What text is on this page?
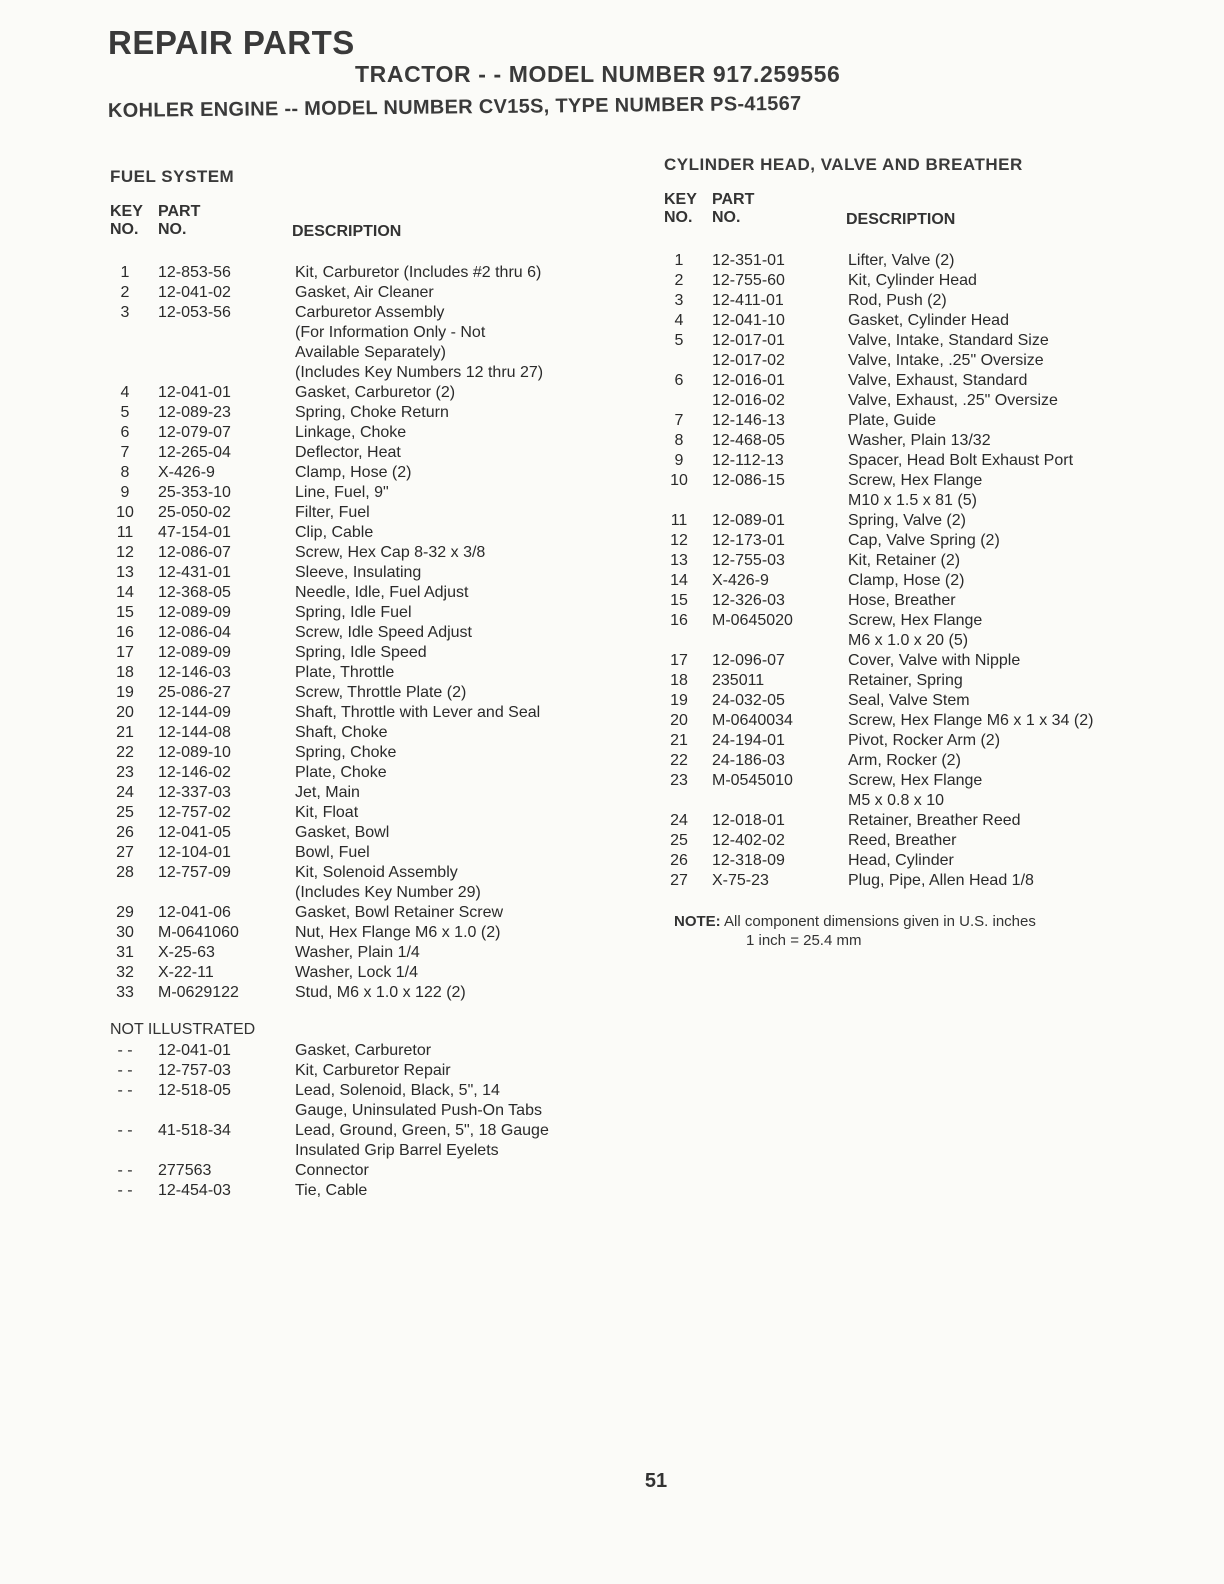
REPAIR PARTS
TRACTOR - - MODEL NUMBER 917.259556
KOHLER ENGINE -- MODEL NUMBER CV15S, TYPE NUMBER PS-41567
FUEL SYSTEM
KEY
NO.
PART
NO.	DESCRIPTION
1	12-853-56	Kit, Carburetor (Includes #2 thru 6)
2	12-041-02	Gasket, Air Cleaner
3	12-053-56	Carburetor Assembly
(For Information Only - Not
Available Separately)
(Includes Key Numbers 12 thru 27)
4	12-041-01	Gasket, Carburetor (2)
5	12-089-23	Spring, Choke Return
6	12-079-07	Linkage, Choke
7	12-265-04	Deflector, Heat
8	X-426-9	Clamp, Hose (2)
9	25-353-10	Line, Fuel, 9"
10	25-050-02	Filter, Fuel
11	47-154-01	Clip, Cable
12	12-086-07	Screw, Hex Cap 8-32 x 3/8
13	12-431-01	Sleeve, Insulating
14	12-368-05	Needle, Idle, Fuel Adjust
15	12-089-09	Spring, Idle Fuel
16	12-086-04	Screw, Idle Speed Adjust
17	12-089-09	Spring, Idle Speed
18	12-146-03	Plate, Throttle
19	25-086-27	Screw, Throttle Plate (2)
20	12-144-09	Shaft, Throttle with Lever and Seal
21	12-144-08	Shaft, Choke
22	12-089-10	Spring, Choke
23	12-146-02	Plate, Choke
24	12-337-03	Jet, Main
25	12-757-02	Kit, Float
26	12-041-05	Gasket, Bowl
27	12-104-01	Bowl, Fuel
28	12-757-09	Kit, Solenoid Assembly
(Includes Key Number 29)
29	12-041-06	Gasket, Bowl Retainer Screw
30	M-0641060	Nut, Hex Flange M6 x 1.0 (2)
31	X-25-63	Washer, Plain 1/4
32	X-22-11	Washer, Lock 1/4
33	M-0629122	Stud, M6 x 1.0 x 122 (2)
NOT ILLUSTRATED
- -	12-041-01	Gasket, Carburetor
- -	12-757-03	Kit, Carburetor Repair
- -	12-518-05	Lead, Solenoid, Black, 5", 14
Gauge, Uninsulated Push-On Tabs
- -	41-518-34	Lead, Ground, Green, 5", 18 Gauge
Insulated Grip Barrel Eyelets
- -	277563	Connector
- -	12-454-03	Tie, Cable
CYLINDER HEAD, VALVE AND BREATHER
KEY
NO.
PART
NO.	DESCRIPTION
1	12-351-01	Lifter, Valve (2)
2	12-755-60	Kit, Cylinder Head
3	12-411-01	Rod, Push (2)
4	12-041-10	Gasket, Cylinder Head
5	12-017-01	Valve, Intake, Standard Size
12-017-02	Valve, Intake, .25" Oversize
6	12-016-01	Valve, Exhaust, Standard
12-016-02	Valve, Exhaust, .25" Oversize
7	12-146-13	Plate, Guide
8	12-468-05	Washer, Plain 13/32
9	12-112-13	Spacer, Head Bolt Exhaust Port
10	12-086-15	Screw, Hex Flange
M10 x 1.5 x 81 (5)
11	12-089-01	Spring, Valve (2)
12	12-173-01	Cap, Valve Spring (2)
13	12-755-03	Kit, Retainer (2)
14	X-426-9	Clamp, Hose (2)
15	12-326-03	Hose, Breather
16	M-0645020	Screw, Hex Flange
M6 x 1.0 x 20 (5)
17	12-096-07	Cover, Valve with Nipple
18	235011	Retainer, Spring
19	24-032-05	Seal, Valve Stem
20	M-0640034	Screw, Hex Flange M6 x 1 x 34 (2)
21	24-194-01	Pivot, Rocker Arm (2)
22	24-186-03	Arm, Rocker (2)
23	M-0545010	Screw, Hex Flange
M5 x 0.8 x 10
24	12-018-01	Retainer, Breather Reed
25	12-402-02	Reed, Breather
26	12-318-09	Head, Cylinder
27	X-75-23	Plug, Pipe, Allen Head 1/8
NOTE: All component dimensions given in U.S. inches
1 inch = 25.4 mm
51
